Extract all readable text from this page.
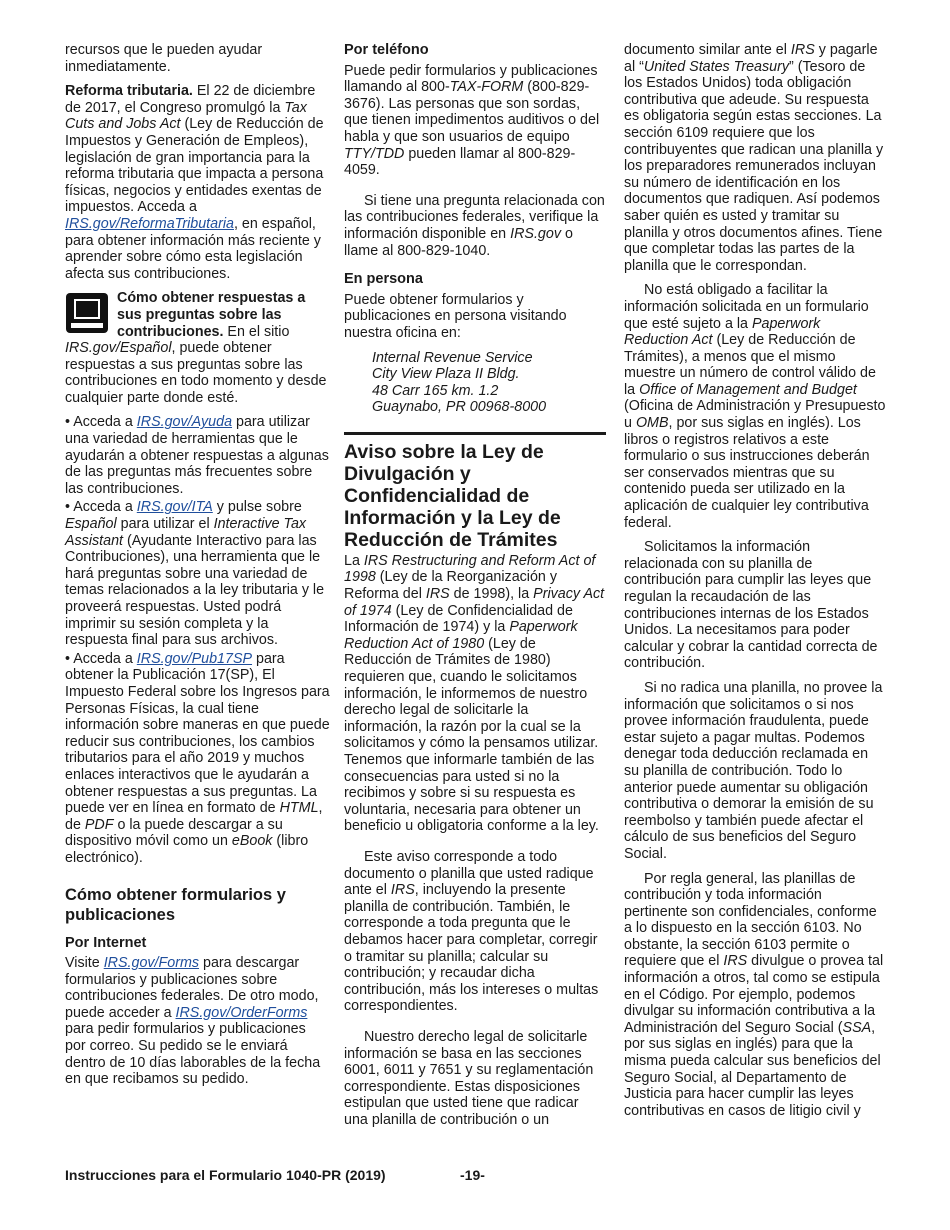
recursos que le pueden ayudar inmediatamente.

Reforma tributaria. El 22 de diciembre de 2017, el Congreso promulgó la Tax Cuts and Jobs Act (Ley de Reducción de Impuestos y Generación de Empleos), legislación de gran importancia para la reforma tributaria que impacta a persona físicas, negocios y entidades exentas de impuestos. Acceda a IRS.gov/ReformaTributaria, en español, para obtener información más reciente y aprender sobre cómo esta legislación afecta sus contribuciones.

Cómo obtener respuestas a sus preguntas sobre las contribuciones. En el sitio IRS.gov/Español, puede obtener respuestas a sus preguntas sobre las contribuciones en todo momento y desde cualquier parte donde esté.

• Acceda a IRS.gov/Ayuda para utilizar una variedad de herramientas que le ayudarán a obtener respuestas a algunas de las preguntas más frecuentes sobre las contribuciones.

• Acceda a IRS.gov/ITA y pulse sobre Español para utilizar el Interactive Tax Assistant (Ayudante Interactivo para las Contribuciones), una herramienta que le hará preguntas sobre una variedad de temas relacionados a la ley tributaria y le proveerá respuestas. Usted podrá imprimir su sesión completa y la respuesta final para sus archivos.

• Acceda a IRS.gov/Pub17SP para obtener la Publicación 17(SP), El Impuesto Federal sobre los Ingresos para Personas Físicas, la cual tiene información sobre maneras en que puede reducir sus contribuciones, los cambios tributarios para el año 2019 y muchos enlaces interactivos que le ayudarán a obtener respuestas a sus preguntas. La puede ver en línea en formato de HTML, de PDF o la puede descargar a su dispositivo móvil como un eBook (libro electrónico).

Cómo obtener formularios y publicaciones
Por Internet

Visite IRS.gov/Forms para descargar formularios y publicaciones sobre contribuciones federales. De otro modo, puede acceder a IRS.gov/OrderForms para pedir formularios y publicaciones por correo. Su pedido se le enviará dentro de 10 días laborables de la fecha en que recibamos su pedido.

Por teléfono

Puede pedir formularios y publicaciones llamando al 800-TAX-FORM (800-829-3676). Las personas que son sordas, que tienen impedimentos auditivos o del habla y que son usuarios de equipo TTY/TDD pueden llamar al 800-829-4059.

Si tiene una pregunta relacionada con las contribuciones federales, verifique la información disponible en IRS.gov o llame al 800-829-1040.

En persona

Puede obtener formularios y publicaciones en persona visitando nuestra oficina en:

Internal Revenue Service
City View Plaza II Bldg.
48 Carr 165 km. 1.2
Guaynabo, PR 00968-8000
Aviso sobre la Ley de Divulgación y Confidencialidad de Información y la Ley de Reducción de Trámites

La IRS Restructuring and Reform Act of 1998 (Ley de la Reorganización y Reforma del IRS de 1998), la Privacy Act of 1974 (Ley de Confidencialidad de Información de 1974) y la Paperwork Reduction Act of 1980 (Ley de Reducción de Trámites de 1980) requieren que, cuando le solicitamos información, le informemos de nuestro derecho legal de solicitarle la información, la razón por la cual se la solicitamos y cómo la pensamos utilizar. Tenemos que informarle también de las consecuencias para usted si no la recibimos y sobre si su respuesta es voluntaria, necesaria para obtener un beneficio u obligatoria conforme a la ley.

Este aviso corresponde a todo documento o planilla que usted radique ante el IRS, incluyendo la presente planilla de contribución. También, le corresponde a toda pregunta que le debamos hacer para completar, corregir o tramitar su planilla; calcular su contribución; y recaudar dicha contribución, más los intereses o multas correspondientes.

Nuestro derecho legal de solicitarle información se basa en las secciones 6001, 6011 y 7651 y su reglamentación correspondiente. Estas disposiciones estipulan que usted tiene que radicar una planilla de contribución o un

documento similar ante el IRS y pagarle al “United States Treasury” (Tesoro de los Estados Unidos) toda obligación contributiva que adeude. Su respuesta es obligatoria según estas secciones. La sección 6109 requiere que los contribuyentes que radican una planilla y los preparadores remunerados incluyan su número de identificación en los documentos que radiquen. Así podemos saber quién es usted y tramitar su planilla y otros documentos afines. Tiene que completar todas las partes de la planilla que le correspondan.

No está obligado a facilitar la información solicitada en un formulario que esté sujeto a la Paperwork Reduction Act (Ley de Reducción de Trámites), a menos que el mismo muestre un número de control válido de la Office of Management and Budget (Oficina de Administración y Presupuesto u OMB, por sus siglas en inglés). Los libros o registros relativos a este formulario o sus instrucciones deberán ser conservados mientras que su contenido pueda ser utilizado en la aplicación de cualquier ley contributiva federal.

Solicitamos la información relacionada con su planilla de contribución para cumplir las leyes que regulan la recaudación de las contribuciones internas de los Estados Unidos. La necesitamos para poder calcular y cobrar la cantidad correcta de contribución.

Si no radica una planilla, no provee la información que solicitamos o si nos provee información fraudulenta, puede estar sujeto a pagar multas. Podemos denegar toda deducción reclamada en su planilla de contribución. Todo lo anterior puede aumentar su obligación contributiva o demorar la emisión de su reembolso y también puede afectar el cálculo de sus beneficios del Seguro Social.

Por regla general, las planillas de contribución y toda información pertinente son confidenciales, conforme a lo dispuesto en la sección 6103. No obstante, la sección 6103 permite o requiere que el IRS divulgue o provea tal información a otros, tal como se estipula en el Código. Por ejemplo, podemos divulgar su información contributiva a la Administración del Seguro Social (SSA, por sus siglas en inglés) para que la misma pueda calcular sus beneficios del Seguro Social, al Departamento de Justicia para hacer cumplir las leyes contributivas en casos de litigio civil y

Instrucciones para el Formulario 1040-PR (2019)	-19-
